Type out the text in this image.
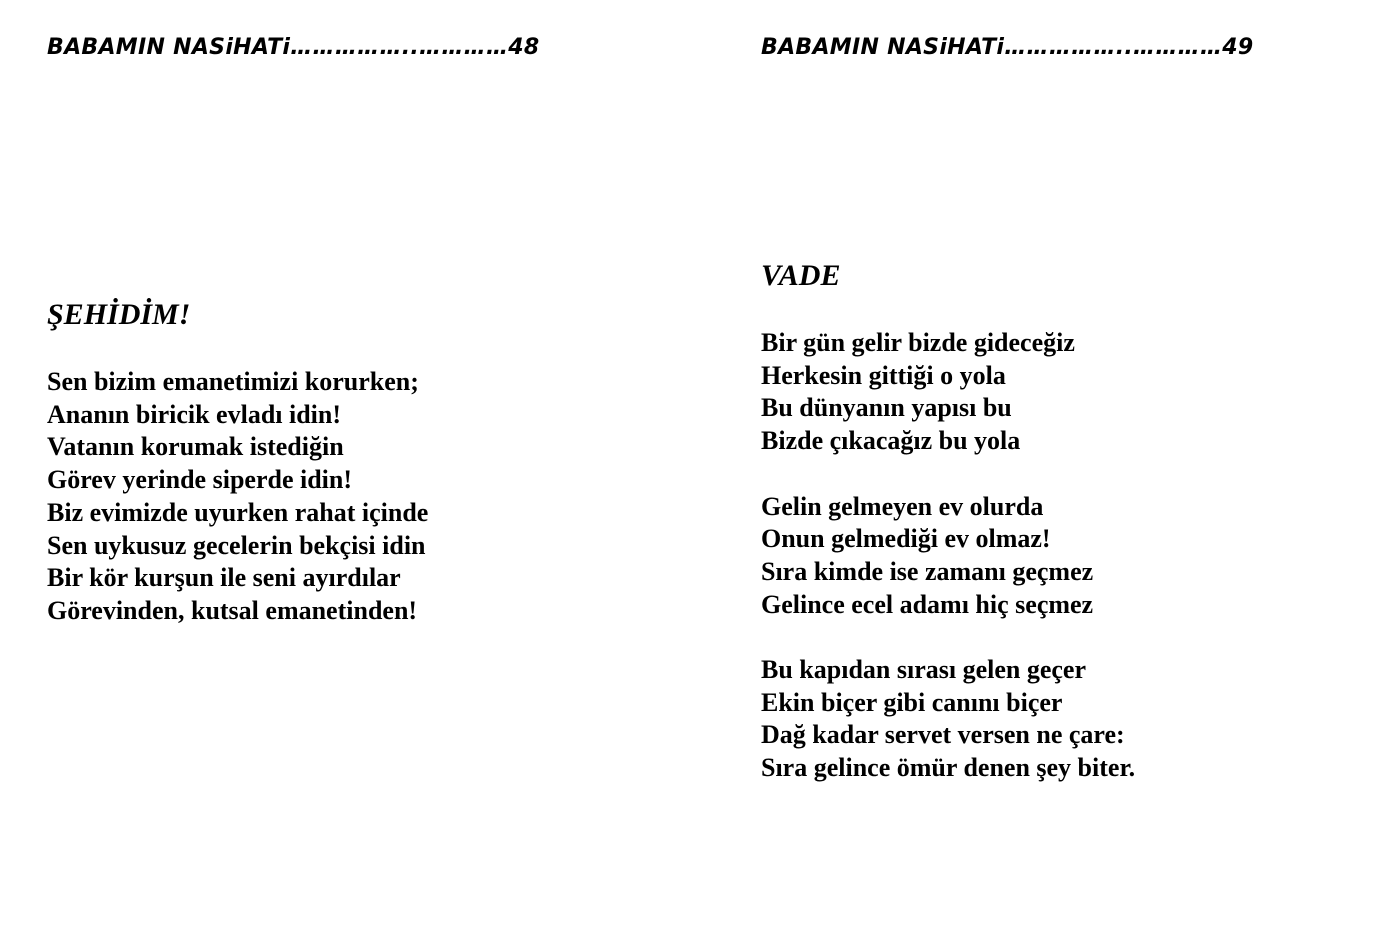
BABAMIN NASiHATi……………..…………48
ŞEHİDİM!

Sen bizim emanetimizi korurken;
Ananın biricik evladı idin!
Vatanın korumak istediğin
Görev yerinde siperde idin!
Biz evimizde uyurken rahat içinde
Sen uykusuz gecelerin bekçisi idin
Bir kör kurşun ile seni ayırdılar
Görevinden, kutsal emanetinden!

BABAMIN NASiHATi……………..…………49
VADE

Bir gün gelir bizde gideceğiz
Herkesin gittiği o yola
Bu dünyanın yapısı bu
Bizde çıkacağız bu yola

Gelin gelmeyen ev olurda
Onun gelmediği ev olmaz!
Sıra kimde ise zamanı geçmez
Gelince ecel adamı hiç seçmez

Bu kapıdan sırası gelen geçer
Ekin biçer gibi canını biçer
Dağ kadar servet versen ne çare:
Sıra gelince ömür denen şey biter.
